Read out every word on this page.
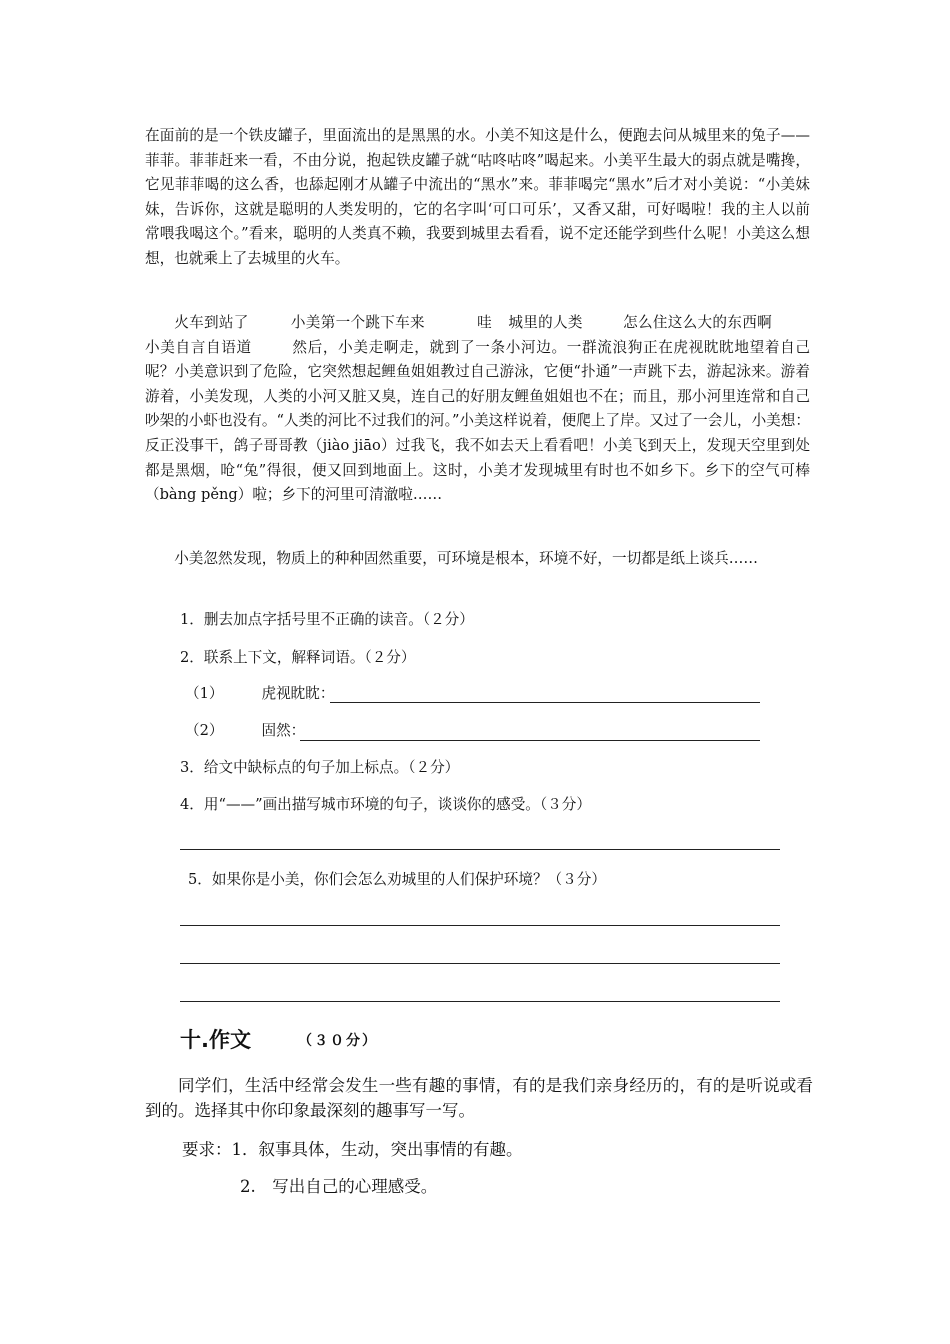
在面前的是一个铁皮罐子，里面流出的是黑黑的水。小美不知这是什么，便跑去问从城里来的兔子——菲菲。菲菲赶来一看，不由分说，抱起铁皮罐子就“咕咚咕咚”喝起来。小美平生最大的弱点就是嘴搀，它见菲菲喝的这么香，也舔起刚才从罐子中流出的“黑水”来。菲菲喝完“黑水”后才对小美说：“小美妹妹，告诉你，这就是聪明的人类发明的，它的名字叫‘可口可乐’，又香又甜，可好喝啦！我的主人以前常喂我喝这个。”看来，聪明的人类真不赖，我要到城里去看看，说不定还能学到些什么呢！小美这么想想，也就乘上了去城里的火车。

火车到站了	小美第一个跳下车来	哇 城里的人类	怎么住这么大的东西啊小美自言自语道	然后，小美走啊走，就到了一条小河边。一群流浪狗正在虎视眈眈地望着自己呢？小美意识到了危险，它突然想起鲤鱼姐姐教过自己游泳，它便“扑通”一声跳下去，游起泳来。游着游着，小美发现，人类的小河又脏又臭，连自己的好朋友鲤鱼姐姐也不在；而且，那小河里连常和自己吵架的小虾也没有。“人类的河比不过我们的河。”小美这样说着，便爬上了岸。又过了一会儿，小美想：反正没事干，鸽子哥哥教（jiào jiāo）过我飞，我不如去天上看看吧！小美飞到天上，发现天空里到处都是黑烟，呛“兔”得很，便又回到地面上。这时，小美才发现城里有时也不如乡下。乡下的空气可棒（bàng pěng）啦；乡下的河里可清澈啦……

小美忽然发现，物质上的种种固然重要，可环境是根本，环境不好，一切都是纸上谈兵……

1．删去加点字括号里不正确的读音。（２分）
2．联系上下文，解释词语。（２分）
（1）	虎视眈眈：
（2）	固然：
3．给文中缺标点的句子加上标点。（２分）
4．用“——”画出描写城市环境的句子，谈谈你的感受。（３分）
5．如果你是小美，你们会怎么劝城里的人们保护环境？（３分）
十.作文	（３０分）

同学们，生活中经常会发生一些有趣的事情，有的是我们亲身经历的，有的是听说或看到的。选择其中你印象最深刻的趣事写一写。

要求：1．叙事具体，生动，突出事情的有趣。
2.　写出自己的心理感受。
